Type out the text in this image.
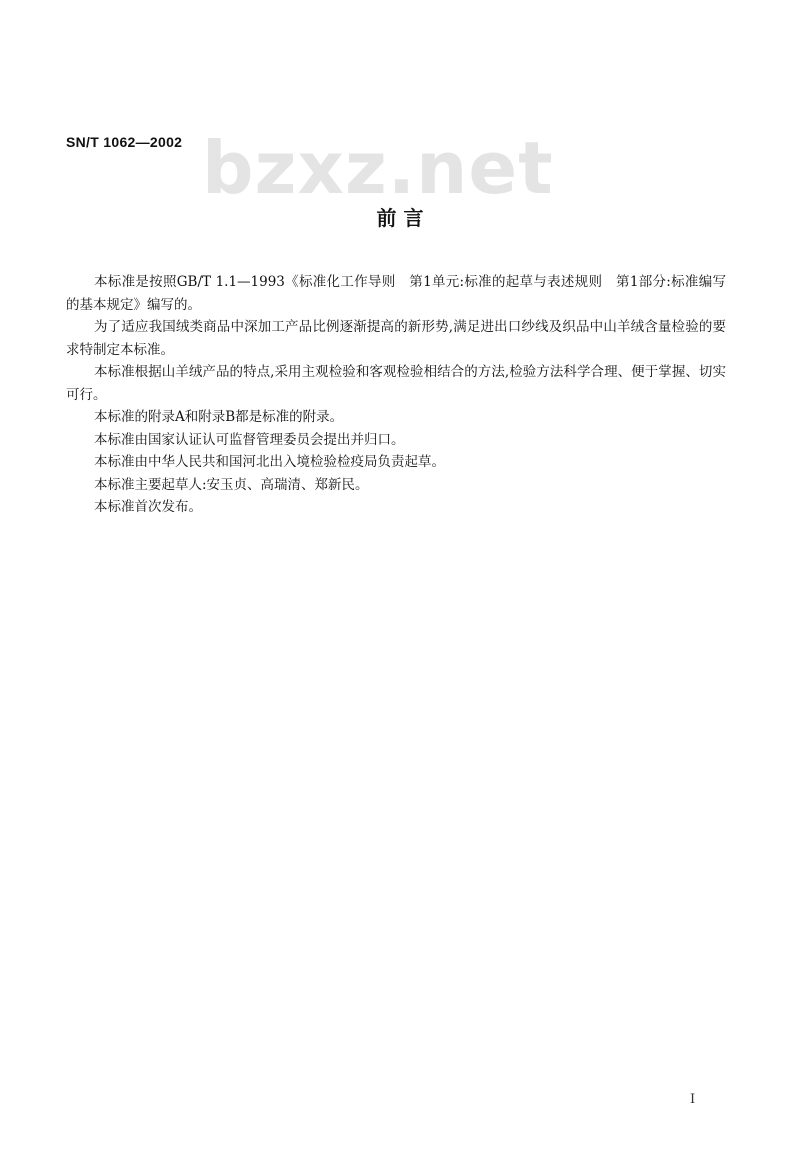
SN/T 1062—2002 bzxz.net
前 言

本标准是按照GB/T 1.1—1993《标准化工作导则　第1单元:标准的起草与表述规则　第1部分:标准编写的基本规定》编写的。

为了适应我国绒类商品中深加工产品比例逐渐提高的新形势,满足进出口纱线及织品中山羊绒含量检验的要求特制定本标准。

本标准根据山羊绒产品的特点,采用主观检验和客观检验相结合的方法,检验方法科学合理、便于掌握、切实可行。

本标准的附录A和附录B都是标准的附录。

本标准由国家认证认可监督管理委员会提出并归口。

本标准由中华人民共和国河北出入境检验检疫局负责起草。

本标准主要起草人:安玉贞、高瑞清、郑新民。

本标准首次发布。

I
